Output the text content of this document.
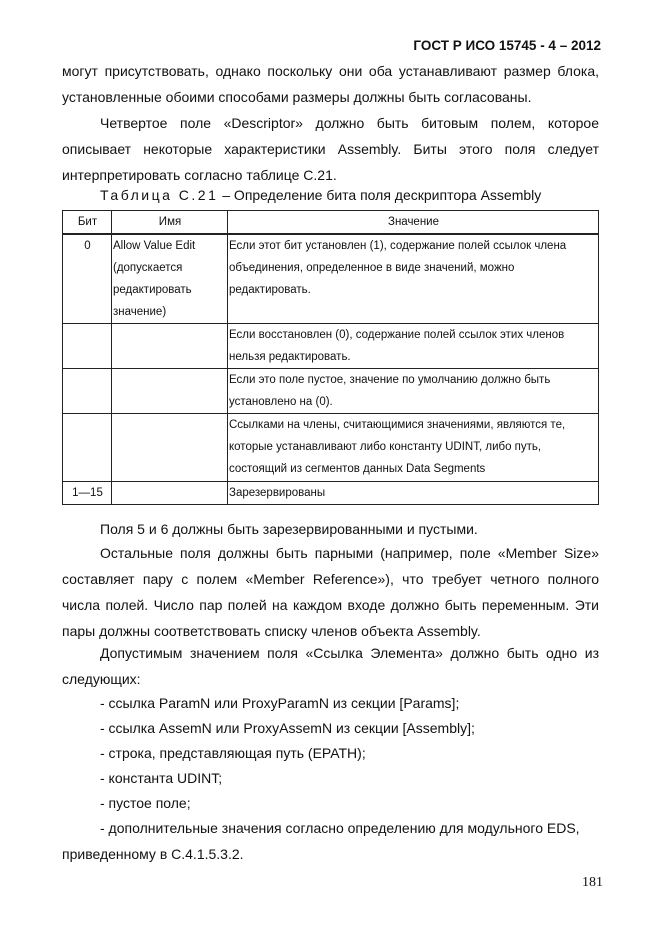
ГОСТ Р ИСО 15745 - 4 – 2012

могут присутствовать, однако поскольку они оба устанавливают размер блока, установленные обоими способами размеры должны быть согласованы.

Четвертое поле «Descriptor» должно быть битовым полем, которое описывает некоторые характеристики Assembly. Биты этого поля следует интерпретировать согласно таблице С.21.

Таблица С.21 – Определение бита поля дескриптора Assembly
Бит	Имя	Значение
0	Allow Value Edit (допускается редактировать значение)	Если этот бит установлен (1), содержание полей ссылок члена объединения, определенное в виде значений, можно редактировать.
		Если восстановлен (0), содержание полей ссылок этих членов нельзя редактировать.
		Если это поле пустое, значение по умолчанию должно быть установлено на (0).
		Ссылками на члены, считающимися значениями, являются те, которые устанавливают либо константу UDINT, либо путь, состоящий из сегментов данных Data Segments
1—15		Зарезервированы

Поля 5 и 6 должны быть зарезервированными и пустыми.

Остальные поля должны быть парными (например, поле «Member Size» составляет пару с полем «Member Reference»), что требует четного полного числа полей. Число пар полей на каждом входе должно быть переменным. Эти пары должны соответствовать списку членов объекта Assembly.

Допустимым значением поля «Ссылка Элемента» должно быть одно из следующих:

- ссылка ParamN или ProxyParamN из секции [Params];

- ссылка AssemN или ProxyAssemN из секции [Assembly];

- строка, представляющая путь (EPATH);

- константа UDINT;

- пустое поле;

- дополнительные значения согласно определению для модульного EDS, приведенному в С.4.1.5.3.2.

181
